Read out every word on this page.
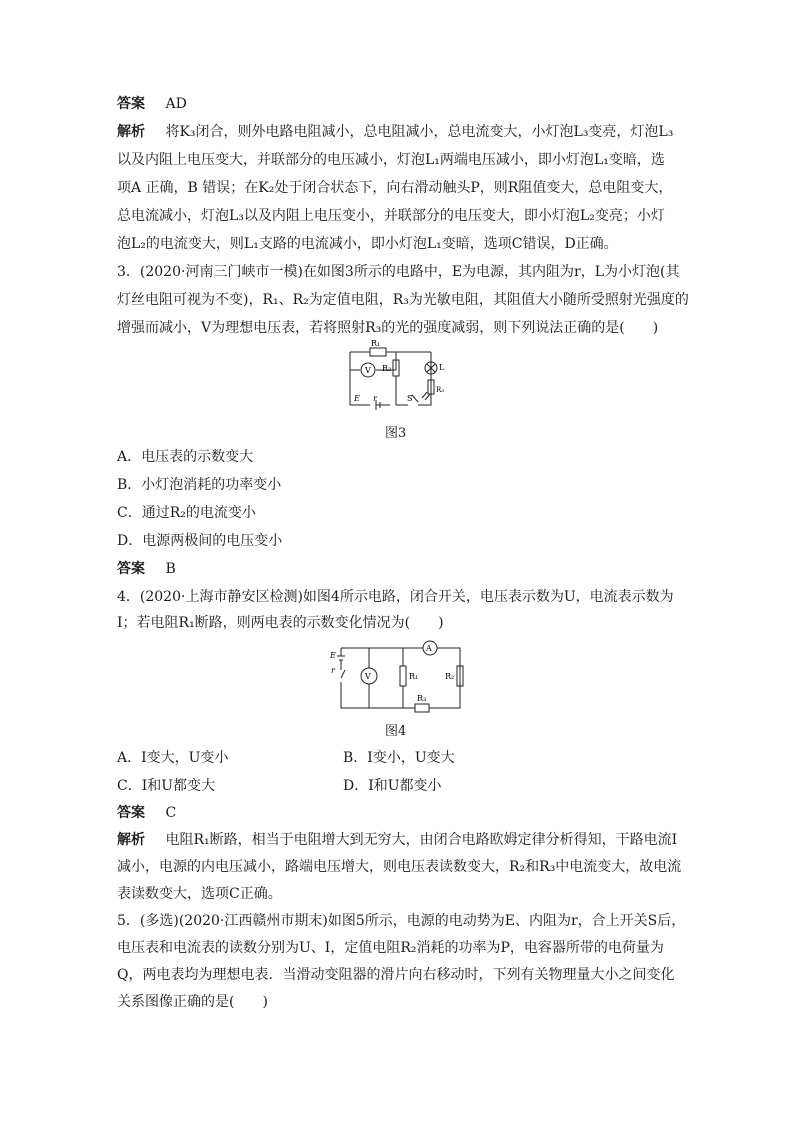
答案 AD
解析 将K₃闭合，则外电路电阻减小，总电阻减小，总电流变大，小灯泡L₃变亮，灯泡L₃
以及内阻上电压变大，并联部分的电压减小，灯泡L₁两端电压减小，即小灯泡L₁变暗，选
项A 正确，B 错误；在K₂处于闭合状态下，向右滑动触头P，则R阻值变大，总电阻变大，
总电流减小，灯泡L₃以及内阻上电压变小，并联部分的电压变大，即小灯泡L₂变亮；小灯
泡L₂的电流变大，则L₁支路的电流减小，即小灯泡L₁变暗，选项C错误，D正确。
3．(2020·河南三门峡市一模)在如图3所示的电路中，E为电源，其内阻为r，L为小灯泡(其
灯丝电阻可视为不变)，R₁、R₂为定值电阻，R₃为光敏电阻，其阻值大小随所受照射光强度的
增强而减小，V为理想电压表，若将照射R₃的光的强度减弱，则下列说法正确的是(　　)
R₁
V R₂	L
R₃
E r	S
图3
A．电压表的示数变大
B．小灯泡消耗的功率变小
C．通过R₂的电流变小
D．电源两极间的电压变小
答案 B
4．(2020·上海市静安区检测)如图4所示电路，闭合开关，电压表示数为U，电流表示数为
I；若电阻R₁断路，则两电表的示数变化情况为(　　)
E
r
V
A
R₁	R₂
R₃
图4
A．I变大，U变小	B．I变小，U变大
C．I和U都变大	D．I和U都变小
答案 C
解析 电阻R₁断路，相当于电阻增大到无穷大，由闭合电路欧姆定律分析得知，干路电流I
减小，电源的内电压减小，路端电压增大，则电压表读数变大，R₂和R₃中电流变大，故电流
表读数变大，选项C正确。
5．(多选)(2020·江西赣州市期末)如图5所示，电源的电动势为E、内阻为r，合上开关S后，
电压表和电流表的读数分别为U、I，定值电阻R₂消耗的功率为P，电容器所带的电荷量为
Q，两电表均为理想电表．当滑动变阻器的滑片向右移动时，下列有关物理量大小之间变化
关系图像正确的是(　　)
